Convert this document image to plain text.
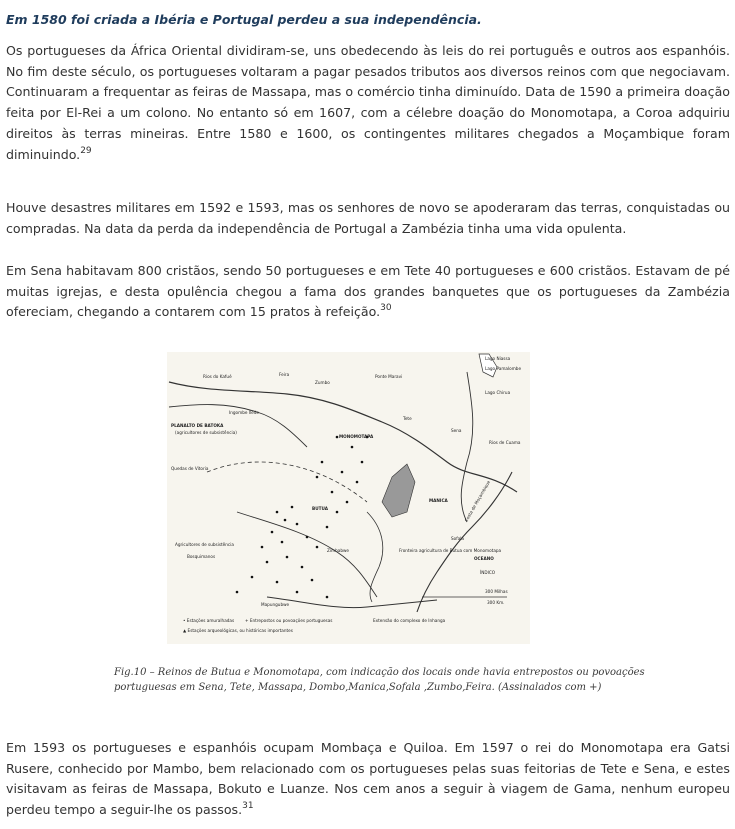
Em 1580 foi criada a Ibéria e Portugal perdeu a sua independência.

Os portugueses da África Oriental dividiram-se, uns obedecendo às leis do rei português e outros aos espanhóis. No fim deste século, os portugueses voltaram a pagar pesados tributos aos diversos reinos com que negociavam. Continuaram a frequentar as feiras de Massapa, mas o comércio tinha diminuído. Data de 1590 a primeira doação feita por El-Rei a um colono. No entanto só em 1607, com a célebre doação do Monomotapa, a Coroa adquiriu direitos às terras mineiras. Entre 1580 e 1600, os contingentes militares chegados a Moçambique foram diminuindo.$^{29}$

Houve desastres militares em 1592 e 1593, mas os senhores de novo se apoderaram das terras, conquistadas ou compradas. Na data da perda da independência de Portugal a Zambézia tinha uma vida opulenta.

Em Sena habitavam 800 cristãos, sendo 50 portugueses e em Tete 40 portugueses e 600 cristãos. Estavam de pé muitas igrejas, e desta opulência chegou a fama dos grandes banquetes que os portugueses da Zambézia ofereciam, chegando a contarem com 15 pratos à refeição.$^{30}$

Lago Niassa
Lago Pamalombe
Lago Chirua
Rios do Kafué	Feira
Zumbo
Ponte Maravi
Ingombe Ilede
PLANALTO DE BATOKA
(agricultores de subsistência)
Tete
MONOMOTAPA
BUTUA
MANICA
Sena
Rios de Cuama
Sofala
Costa de Moçambique
Quedas de Vitoria
Zimbabwe
Agricultores de subsistência
Bosquimanos
Fronteira agricultura de Butua com Monomotapa
OCEANO
ÍNDICO
Mapungubwe
300 Milhas
300 Km.
• Estações amuralhadas	+ Entrepostos ou povoações portuguesas
▲ Estações arqueológicas, ou históricas importantes
Extensão do complexo de Inhanga
Fig.10 – Reinos de Butua e Monomotapa, com indicação dos locais onde havia entrepostos ou povoações
portuguesas em Sena, Tete, Massapa, Dombo,Manica,Sofala ,Zumbo,Feira. (Assinalados com +)

Em 1593 os portugueses e espanhóis ocupam Mombaça e Quiloa. Em 1597 o rei do Monomotapa era Gatsi Rusere, conhecido por Mambo, bem relacionado com os portugueses pelas suas feitorias de Tete e Sena, e estes visitavam as feiras de Massapa, Bokuto e Luanze. Nos cem anos a seguir à viagem de Gama, nenhum europeu perdeu tempo a seguir-lhe os passos.$^{31}$
